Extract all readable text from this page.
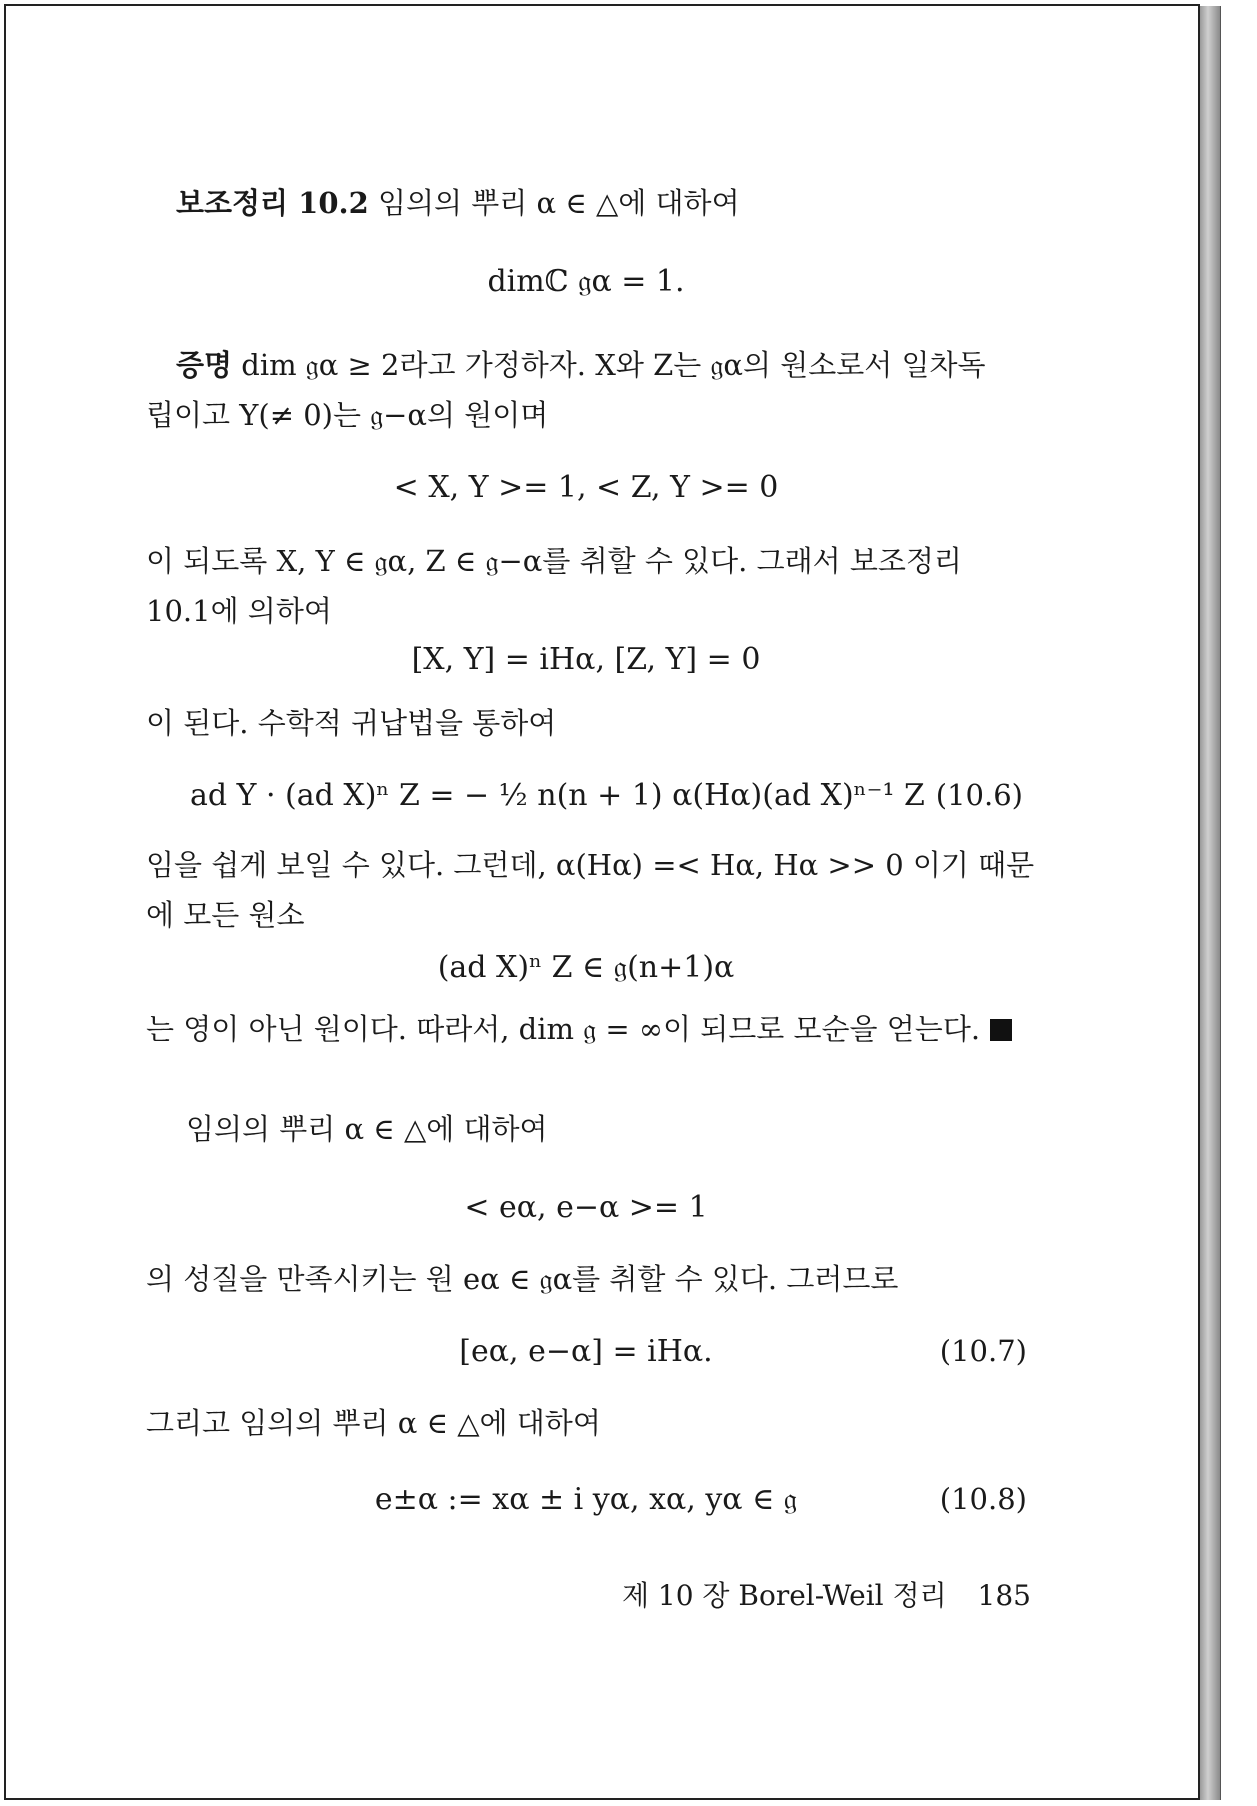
보조정리 10.2 임의의 뿌리 α ∈ △에 대하여
dimℂ 𝔤α = 1.
증명 dim 𝔤α ≥ 2라고 가정하자. X와 Z는 𝔤α의 원소로서 일차독
립이고 Y(≠ 0)는 𝔤−α의 원이며
< X, Y >= 1, < Z, Y >= 0
이 되도록 X, Y ∈ 𝔤α, Z ∈ 𝔤−α를 취할 수 있다. 그래서 보조정리
10.1에 의하여
[X, Y] = iHα, [Z, Y] = 0
이 된다. 수학적 귀납법을 통하여
ad Y · (ad X)ⁿ Z = − ½ n(n + 1) α(Hα)(ad X)ⁿ⁻¹ Z (10.6)
임을 쉽게 보일 수 있다. 그런데, α(Hα) =< Hα, Hα >> 0 이기 때문
에 모든 원소
(ad X)ⁿ Z ∈ 𝔤(n+1)α
는 영이 아닌 원이다. 따라서, dim 𝔤 = ∞이 되므로 모순을 얻는다.
임의의 뿌리 α ∈ △에 대하여
< eα, e−α >= 1
의 성질을 만족시키는 원 eα ∈ 𝔤α를 취할 수 있다. 그러므로
[eα, e−α] = iHα.	(10.7)
그리고 임의의 뿌리 α ∈ △에 대하여
e±α := xα ± i yα, xα, yα ∈ 𝔤	(10.8)
제 10 장 Borel-Weil 정리 185
